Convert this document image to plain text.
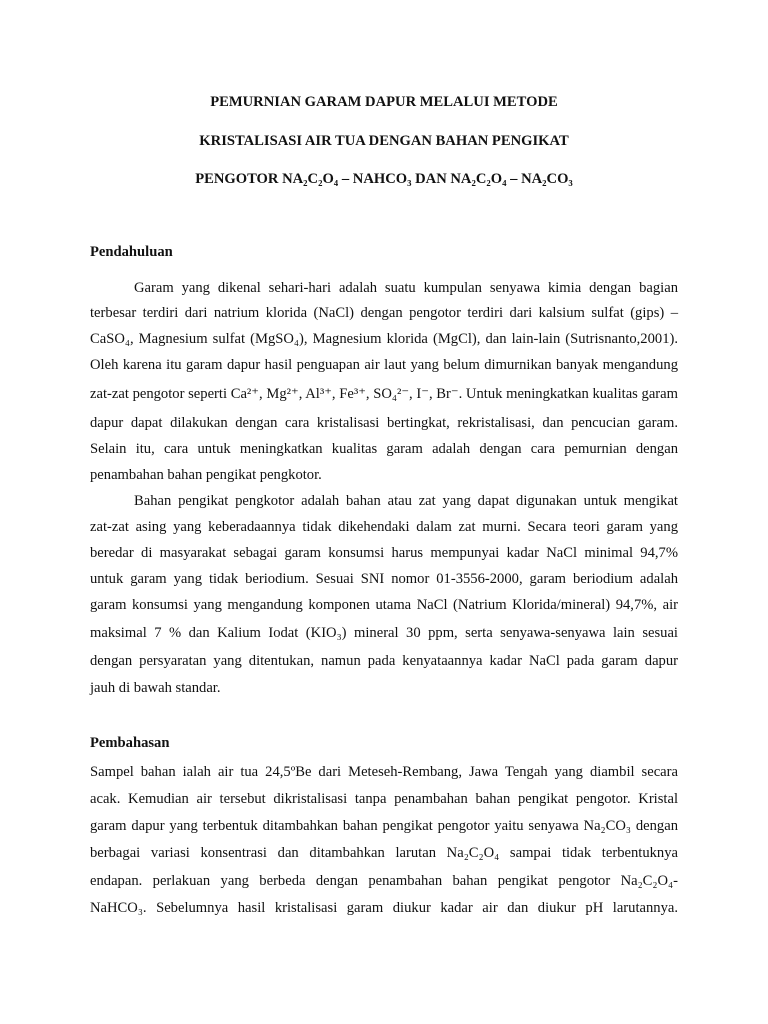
PEMURNIAN GARAM DAPUR MELALUI METODE
KRISTALISASI AIR TUA DENGAN BAHAN PENGIKAT
PENGOTOR NA₂C₂O₄ – NAHCO₃ DAN NA₂C₂O₄ – NA₂CO₃
Pendahuluan
Garam yang dikenal sehari-hari adalah suatu kumpulan senyawa kimia dengan bagian
terbesar terdiri dari natrium klorida (NaCl) dengan pengotor terdiri dari kalsium sulfat (gips) –
CaSO₄, Magnesium sulfat (MgSO₄), Magnesium klorida (MgCl), dan lain-lain (Sutrisnanto,2001).
Oleh karena itu garam dapur hasil penguapan air laut yang belum dimurnikan banyak mengandung
zat-zat pengotor seperti Ca²⁺, Mg²⁺, Al³⁺, Fe³⁺, SO₄²⁻, I⁻, Br⁻. Untuk meningkatkan kualitas garam
dapur dapat dilakukan dengan cara kristalisasi bertingkat, rekristalisasi, dan pencucian garam.
Selain itu, cara untuk meningkatkan kualitas garam adalah dengan cara pemurnian dengan
penambahan bahan pengikat pengkotor.
Bahan pengikat pengkotor adalah bahan atau zat yang dapat digunakan untuk mengikat
zat-zat asing yang keberadaannya tidak dikehendaki dalam zat murni. Secara teori garam yang
beredar di masyarakat sebagai garam konsumsi harus mempunyai kadar NaCl minimal 94,7%
untuk garam yang tidak beriodium. Sesuai SNI nomor 01-3556-2000, garam beriodium adalah
garam konsumsi yang mengandung komponen utama NaCl (Natrium Klorida/mineral) 94,7%, air
maksimal 7 % dan Kalium Iodat (KIO₃) mineral 30 ppm, serta senyawa-senyawa lain sesuai
dengan persyaratan yang ditentukan, namun pada kenyataannya kadar NaCl pada garam dapur
jauh di bawah standar.
Pembahasan
Sampel bahan ialah air tua 24,5ºBe dari Meteseh-Rembang, Jawa Tengah yang diambil secara
acak. Kemudian air tersebut dikristalisasi tanpa penambahan bahan pengikat pengotor. Kristal
garam dapur yang terbentuk ditambahkan bahan pengikat pengotor yaitu senyawa Na₂CO₃ dengan
berbagai variasi konsentrasi dan ditambahkan larutan Na₂C₂O₄ sampai tidak terbentuknya
endapan. perlakuan yang berbeda dengan penambahan bahan pengikat pengotor Na₂C₂O₄-
NaHCO₃. Sebelumnya hasil kristalisasi garam diukur kadar air dan diukur pH larutannya.
